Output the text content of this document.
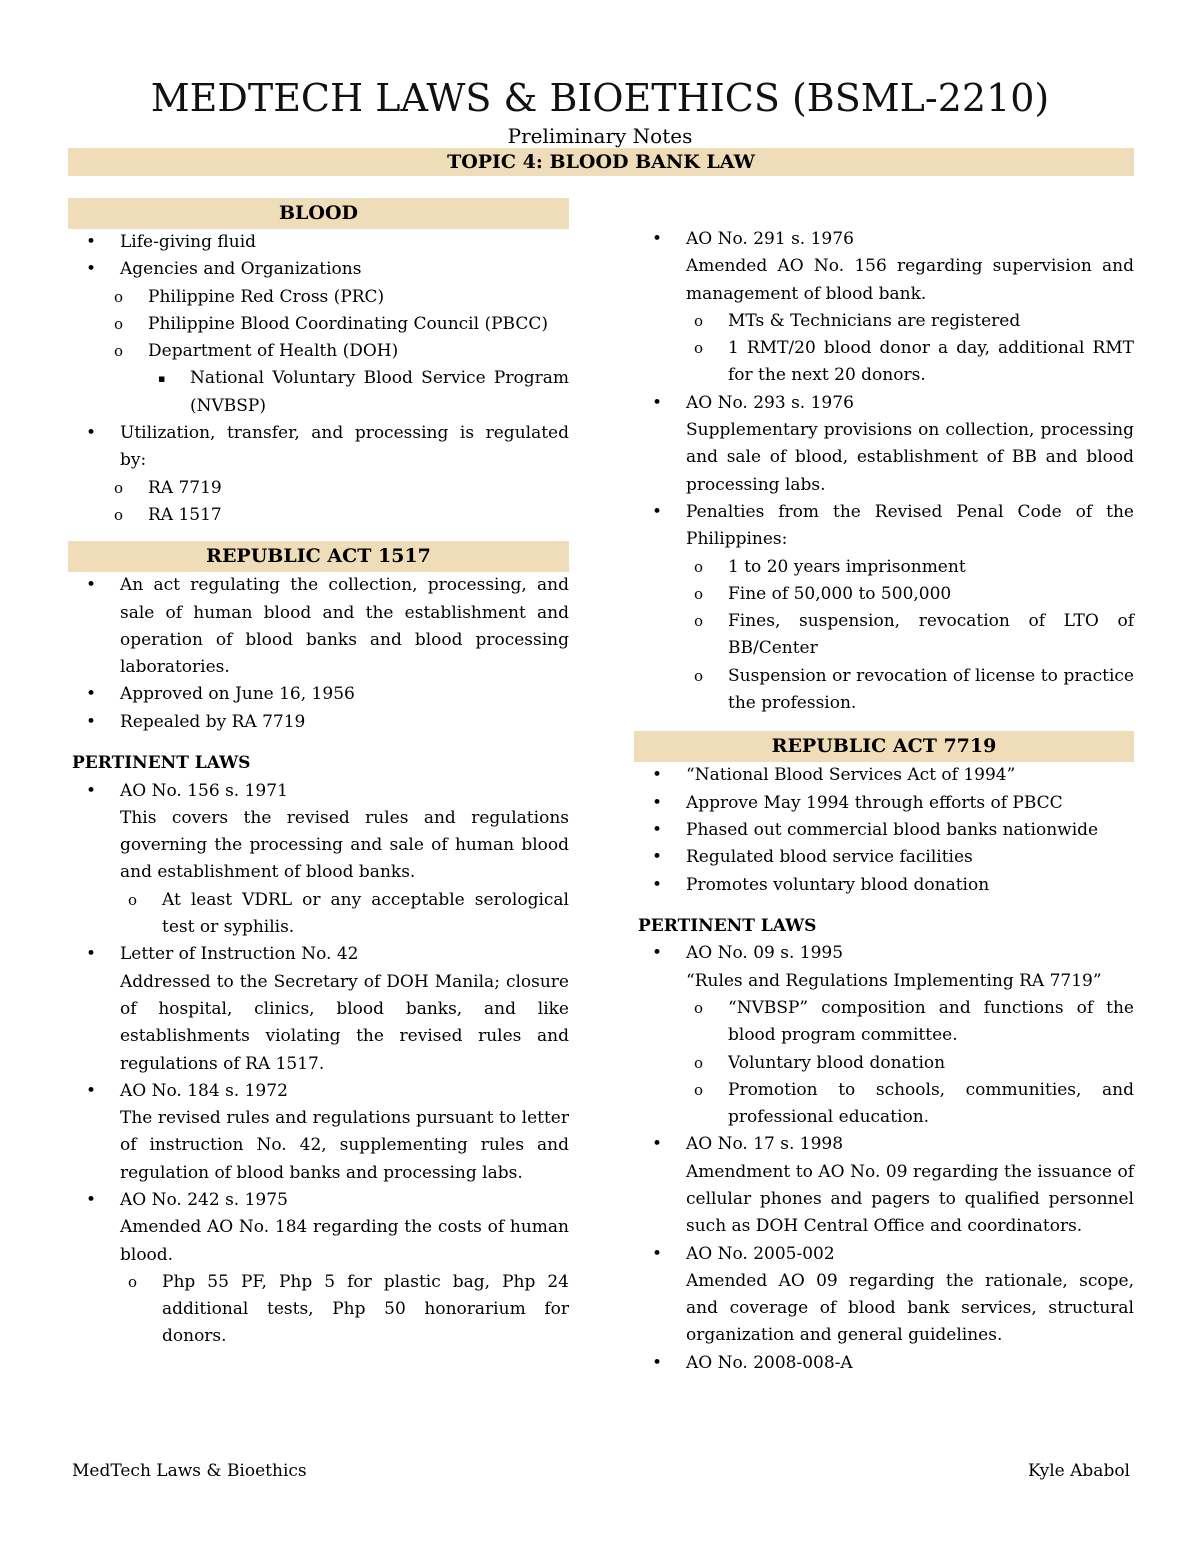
MEDTECH LAWS & BIOETHICS (BSML-2210)
Preliminary Notes
TOPIC 4: BLOOD BANK LAW
BLOOD
• Life-giving fluid
• Agencies and Organizations
o Philippine Red Cross (PRC)
o Philippine Blood Coordinating Council (PBCC)
o Department of Health (DOH)
▪ National Voluntary Blood Service Program (NVBSP)
• Utilization, transfer, and processing is regulated by:
o RA 7719
o RA 1517
REPUBLIC ACT 1517
• An act regulating the collection, processing, and sale of human blood and the establishment and operation of blood banks and blood processing laboratories.
• Approved on June 16, 1956
• Repealed by RA 7719
PERTINENT LAWS
• AO No. 156 s. 1971
This covers the revised rules and regulations governing the processing and sale of human blood and establishment of blood banks.
o At least VDRL or any acceptable serological test or syphilis.
• Letter of Instruction No. 42
Addressed to the Secretary of DOH Manila; closure of hospital, clinics, blood banks, and like establishments violating the revised rules and regulations of RA 1517.
• AO No. 184 s. 1972
The revised rules and regulations pursuant to letter of instruction No. 42, supplementing rules and regulation of blood banks and processing labs.
• AO No. 242 s. 1975
Amended AO No. 184 regarding the costs of human blood.
o Php 55 PF, Php 5 for plastic bag, Php 24 additional tests, Php 50 honorarium for donors.
• AO No. 291 s. 1976
Amended AO No. 156 regarding supervision and management of blood bank.
o MTs & Technicians are registered
o 1 RMT/20 blood donor a day, additional RMT for the next 20 donors.
• AO No. 293 s. 1976
Supplementary provisions on collection, processing and sale of blood, establishment of BB and blood processing labs.
• Penalties from the Revised Penal Code of the Philippines:
o 1 to 20 years imprisonment
o Fine of 50,000 to 500,000
o Fines, suspension, revocation of LTO of BB/Center
o Suspension or revocation of license to practice the profession.
REPUBLIC ACT 7719
• “National Blood Services Act of 1994”
• Approve May 1994 through efforts of PBCC
• Phased out commercial blood banks nationwide
• Regulated blood service facilities
• Promotes voluntary blood donation
PERTINENT LAWS
• AO No. 09 s. 1995
“Rules and Regulations Implementing RA 7719”
o “NVBSP” composition and functions of the blood program committee.
o Voluntary blood donation
o Promotion to schools, communities, and professional education.
• AO No. 17 s. 1998
Amendment to AO No. 09 regarding the issuance of cellular phones and pagers to qualified personnel such as DOH Central Office and coordinators.
• AO No. 2005-002
Amended AO 09 regarding the rationale, scope, and coverage of blood bank services, structural organization and general guidelines.
• AO No. 2008-008-A
MedTech Laws & Bioethics	Kyle Ababol
